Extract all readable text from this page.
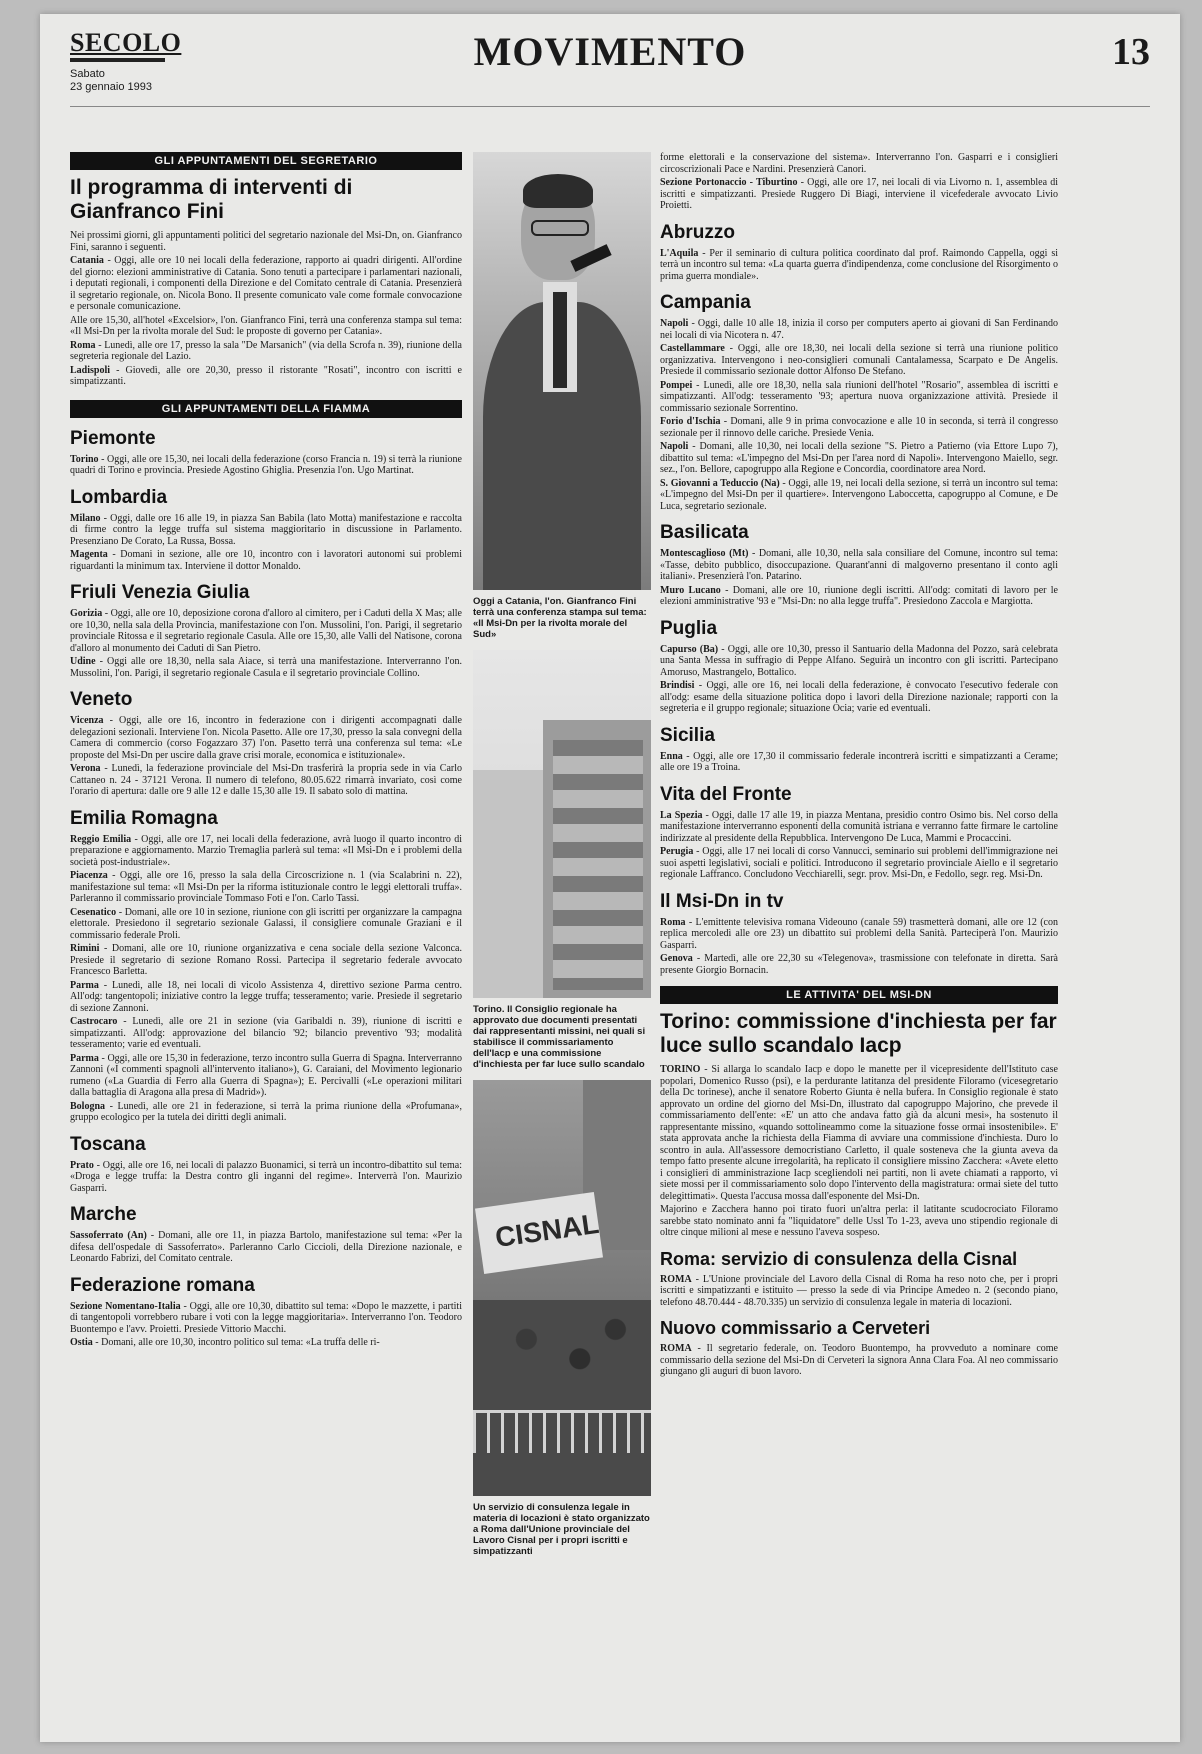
SECOLO
Sabato
23 gennaio 1993
MOVIMENTO	13
GLI APPUNTAMENTI DEL SEGRETARIO
Il programma di interventi di Gianfranco Fini

Nei prossimi giorni, gli appuntamenti politici del segretario nazionale del Msi-Dn, on. Gianfranco Fini, saranno i seguenti.

Catania - Oggi, alle ore 10 nei locali della federazione, rapporto ai quadri dirigenti. All'ordine del giorno: elezioni amministrative di Catania. Sono tenuti a partecipare i parlamentari nazionali, i deputati regionali, i componenti della Direzione e del Comitato centrale di Catania. Presenzierà il segretario regionale, on. Nicola Bono. Il presente comunicato vale come formale convocazione e personale comunicazione.

Alle ore 15,30, all'hotel «Excelsior», l'on. Gianfranco Fini, terrà una conferenza stampa sul tema: «Il Msi-Dn per la rivolta morale del Sud: le proposte di governo per Catania».

Roma - Lunedì, alle ore 17, presso la sala "De Marsanich" (via della Scrofa n. 39), riunione della segreteria regionale del Lazio.

Ladispoli - Giovedì, alle ore 20,30, presso il ristorante "Rosati", incontro con iscritti e simpatizzanti.

GLI APPUNTAMENTI DELLA FIAMMA
Piemonte

Torino - Oggi, alle ore 15,30, nei locali della federazione (corso Francia n. 19) si terrà la riunione quadri di Torino e provincia. Presiede Agostino Ghiglia. Presenzia l'on. Ugo Martinat.

Lombardia

Milano - Oggi, dalle ore 16 alle 19, in piazza San Babila (lato Motta) manifestazione e raccolta di firme contro la legge truffa sul sistema maggioritario in discussione in Parlamento. Presenziano De Corato, La Russa, Bossa.

Magenta - Domani in sezione, alle ore 10, incontro con i lavoratori autonomi sui problemi riguardanti la minimum tax. Interviene il dottor Monaldo.

Friuli Venezia Giulia

Gorizia - Oggi, alle ore 10, deposizione corona d'alloro al cimitero, per i Caduti della X Mas; alle ore 10,30, nella sala della Provincia, manifestazione con l'on. Mussolini, l'on. Parigi, il segretario provinciale Ritossa e il segretario regionale Casula. Alle ore 15,30, alle Valli del Natisone, corona d'alloro al monumento dei Caduti di San Pietro.

Udine - Oggi alle ore 18,30, nella sala Aiace, si terrà una manifestazione. Interverranno l'on. Mussolini, l'on. Parigi, il segretario regionale Casula e il segretario provinciale Collino.

Veneto

Vicenza - Oggi, alle ore 16, incontro in federazione con i dirigenti accompagnati dalle delegazioni sezionali. Interviene l'on. Nicola Pasetto. Alle ore 17,30, presso la sala convegni della Camera di commercio (corso Fogazzaro 37) l'on. Pasetto terrà una conferenza sul tema: «Le proposte del Msi-Dn per uscire dalla grave crisi morale, economica e istituzionale».

Verona - Lunedì, la federazione provinciale del Msi-Dn trasferirà la propria sede in via Carlo Cattaneo n. 24 - 37121 Verona. Il numero di telefono, 80.05.622 rimarrà invariato, così come l'orario di apertura: dalle ore 9 alle 12 e dalle 15,30 alle 19. Il sabato solo di mattina.

Emilia Romagna

Reggio Emilia - Oggi, alle ore 17, nei locali della federazione, avrà luogo il quarto incontro di preparazione e aggiornamento. Marzio Tremaglia parlerà sul tema: «Il Msi-Dn e i problemi della società post-industriale».

Piacenza - Oggi, alle ore 16, presso la sala della Circoscrizione n. 1 (via Scalabrini n. 22), manifestazione sul tema: «Il Msi-Dn per la riforma istituzionale contro le leggi elettorali truffa». Parleranno il commissario provinciale Tommaso Foti e l'on. Carlo Tassi.

Cesenatico - Domani, alle ore 10 in sezione, riunione con gli iscritti per organizzare la campagna elettorale. Presiedono il segretario sezionale Galassi, il consigliere comunale Graziani e il commissario federale Proli.

Rimini - Domani, alle ore 10, riunione organizzativa e cena sociale della sezione Valconca. Presiede il segretario di sezione Romano Rossi. Partecipa il segretario federale avvocato Francesco Barletta.

Parma - Lunedì, alle 18, nei locali di vicolo Assistenza 4, direttivo sezione Parma centro. All'odg: tangentopoli; iniziative contro la legge truffa; tesseramento; varie. Presiede il segretario di sezione Zannoni.

Castrocaro - Lunedì, alle ore 21 in sezione (via Garibaldi n. 39), riunione di iscritti e simpatizzanti. All'odg: approvazione del bilancio '92; bilancio preventivo '93; modalità tesseramento; varie ed eventuali.

Parma - Oggi, alle ore 15,30 in federazione, terzo incontro sulla Guerra di Spagna. Interverranno Zannoni («I commenti spagnoli all'intervento italiano»), G. Caraiani, del Movimento legionario rumeno («La Guardia di Ferro alla Guerra di Spagna»); E. Percivalli («Le operazioni militari dalla battaglia di Aragona alla presa di Madrid»).

Bologna - Lunedì, alle ore 21 in federazione, si terrà la prima riunione della «Profumana», gruppo ecologico per la tutela dei diritti degli animali.

Toscana

Prato - Oggi, alle ore 16, nei locali di palazzo Buonamici, si terrà un incontro-dibattito sul tema: «Droga e legge truffa: la Destra contro gli inganni del regime». Interverrà l'on. Maurizio Gasparri.

Marche

Sassoferrato (An) - Domani, alle ore 11, in piazza Bartolo, manifestazione sul tema: «Per la difesa dell'ospedale di Sassoferrato». Parleranno Carlo Ciccioli, della Direzione nazionale, e Leonardo Fabrizi, del Comitato centrale.

Federazione romana

Sezione Nomentano-Italia - Oggi, alle ore 10,30, dibattito sul tema: «Dopo le mazzette, i partiti di tangentopoli vorrebbero rubare i voti con la legge maggioritaria». Interverranno l'on. Teodoro Buontempo e l'avv. Proietti. Presiede Vittorio Macchi.

Ostia - Domani, alle ore 10,30, incontro politico sul tema: «La truffa delle ri-

Oggi a Catania, l'on. Gianfranco Fini terrà una conferenza stampa sul tema: «Il Msi-Dn per la rivolta morale del Sud»
Torino. Il Consiglio regionale ha approvato due documenti presentati dai rappresentanti missini, nei quali si stabilisce il commissariamento dell'Iacp e una commissione d'inchiesta per far luce sullo scandalo
CISNAL
Un servizio di consulenza legale in materia di locazioni è stato organizzato a Roma dall'Unione provinciale del Lavoro Cisnal per i propri iscritti e simpatizzanti

forme elettorali e la conservazione del sistema». Interverranno l'on. Gasparri e i consiglieri circoscrizionali Pace e Nardini. Presenzierà Canori.

Sezione Portonaccio - Tiburtino - Oggi, alle ore 17, nei locali di via Livorno n. 1, assemblea di iscritti e simpatizzanti. Presiede Ruggero Di Biagi, interviene il vicefederale avvocato Livio Proietti.

Abruzzo

L'Aquila - Per il seminario di cultura politica coordinato dal prof. Raimondo Cappella, oggi si terrà un incontro sul tema: «La quarta guerra d'indipendenza, come conclusione del Risorgimento o prima guerra mondiale».

Campania

Napoli - Oggi, dalle 10 alle 18, inizia il corso per computers aperto ai giovani di San Ferdinando nei locali di via Nicotera n. 47.

Castellammare - Oggi, alle ore 18,30, nei locali della sezione si terrà una riunione politico organizzativa. Intervengono i neo-consiglieri comunali Cantalamessa, Scarpato e De Angelis. Presiede il commissario sezionale dottor Alfonso De Stefano.

Pompei - Lunedì, alle ore 18,30, nella sala riunioni dell'hotel "Rosario", assemblea di iscritti e simpatizzanti. All'odg: tesseramento '93; apertura nuova organizzazione attività. Presiede il commissario sezionale Sorrentino.

Forio d'Ischia - Domani, alle 9 in prima convocazione e alle 10 in seconda, si terrà il congresso sezionale per il rinnovo delle cariche. Presiede Venia.

Napoli - Domani, alle 10,30, nei locali della sezione "S. Pietro a Patierno (via Ettore Lupo 7), dibattito sul tema: «L'impegno del Msi-Dn per l'area nord di Napoli». Intervengono Maiello, segr. sez., l'on. Bellore, capogruppo alla Regione e Concordia, coordinatore area Nord.

S. Giovanni a Teduccio (Na) - Oggi, alle 19, nei locali della sezione, si terrà un incontro sul tema: «L'impegno del Msi-Dn per il quartiere». Intervengono Laboccetta, capogruppo al Comune, e De Luca, segretario sezionale.

Basilicata

Montescaglioso (Mt) - Domani, alle 10,30, nella sala consiliare del Comune, incontro sul tema: «Tasse, debito pubblico, disoccupazione. Quarant'anni di malgoverno presentano il conto agli italiani». Presenzierà l'on. Patarino.

Muro Lucano - Domani, alle ore 10, riunione degli iscritti. All'odg: comitati di lavoro per le elezioni amministrative '93 e "Msi-Dn: no alla legge truffa". Presiedono Zaccola e Margiotta.

Puglia

Capurso (Ba) - Oggi, alle ore 10,30, presso il Santuario della Madonna del Pozzo, sarà celebrata una Santa Messa in suffragio di Peppe Alfano. Seguirà un incontro con gli iscritti. Partecipano Amoruso, Mastrangelo, Bottalico.

Brindisi - Oggi, alle ore 16, nei locali della federazione, è convocato l'esecutivo federale con all'odg: esame della situazione politica dopo i lavori della Direzione nazionale; rapporti con la segreteria e il gruppo regionale; situazione Ocia; varie ed eventuali.

Sicilia

Enna - Oggi, alle ore 17,30 il commissario federale incontrerà iscritti e simpatizzanti a Cerame; alle ore 19 a Troina.

Vita del Fronte

La Spezia - Oggi, dalle 17 alle 19, in piazza Mentana, presidio contro Osimo bis. Nel corso della manifestazione interverranno esponenti della comunità istriana e verranno fatte firmare le cartoline indirizzate al presidente della Repubblica. Intervengono De Luca, Mammi e Procaccini.

Perugia - Oggi, alle 17 nei locali di corso Vannucci, seminario sui problemi dell'immigrazione nei suoi aspetti legislativi, sociali e politici. Introducono il segretario provinciale Aiello e il segretario regionale Laffranco. Concludono Vecchiarelli, segr. prov. Msi-Dn, e Fedollo, segr. reg. Msi-Dn.

Il Msi-Dn in tv

Roma - L'emittente televisiva romana Videouno (canale 59) trasmetterà domani, alle ore 12 (con replica mercoledì alle ore 23) un dibattito sui problemi della Sanità. Parteciperà l'on. Maurizio Gasparri.

Genova - Martedì, alle ore 22,30 su «Telegenova», trasmissione con telefonate in diretta. Sarà presente Giorgio Bornacin.

LE ATTIVITA' DEL MSI-DN
Torino: commissione d'inchiesta per far luce sullo scandalo Iacp

TORINO - Si allarga lo scandalo Iacp e dopo le manette per il vicepresidente dell'Istituto case popolari, Domenico Russo (psi), e la perdurante latitanza del presidente Filoramo (vicesegretario della Dc torinese), anche il senatore Roberto Giunta è nella bufera. In Consiglio regionale è stato approvato un ordine del giorno del Msi-Dn, illustrato dal capogruppo Majorino, che prevede il commissariamento dell'ente: «E' un atto che andava fatto già da alcuni mesi», ha sostenuto il rappresentante missino, «quando sottolineammo come la situazione fosse ormai insostenibile». E' stata approvata anche la richiesta della Fiamma di avviare una commissione d'inchiesta. Duro lo scontro in aula. All'assessore democristiano Carletto, il quale sosteneva che la giunta aveva da tempo fatto presente alcune irregolarità, ha replicato il consigliere missino Zacchera: «Avete eletto i consiglieri di amministrazione Iacp scegliendoli nei partiti, non li avete chiamati a rapporto, vi siete mossi per il commissariamento solo dopo l'intervento della magistratura: ormai siete del tutto delegittimati». Questa l'accusa mossa dall'esponente del Msi-Dn.

Majorino e Zacchera hanno poi tirato fuori un'altra perla: il latitante scudocrociato Filoramo sarebbe stato nominato anni fa "liquidatore" delle Ussl To 1-23, aveva uno stipendio regionale di oltre cinque milioni al mese e nessuno l'aveva sospeso.

Roma: servizio di consulenza della Cisnal

ROMA - L'Unione provinciale del Lavoro della Cisnal di Roma ha reso noto che, per i propri iscritti e simpatizzanti e istituito — presso la sede di via Principe Amedeo n. 2 (secondo piano, telefono 48.70.444 - 48.70.335) un servizio di consulenza legale in materia di locazioni.

Nuovo commissario a Cerveteri

ROMA - Il segretario federale, on. Teodoro Buontempo, ha provveduto a nominare come commissario della sezione del Msi-Dn di Cerveteri la signora Anna Clara Foa. Al neo commissario giungano gli auguri di buon lavoro.
